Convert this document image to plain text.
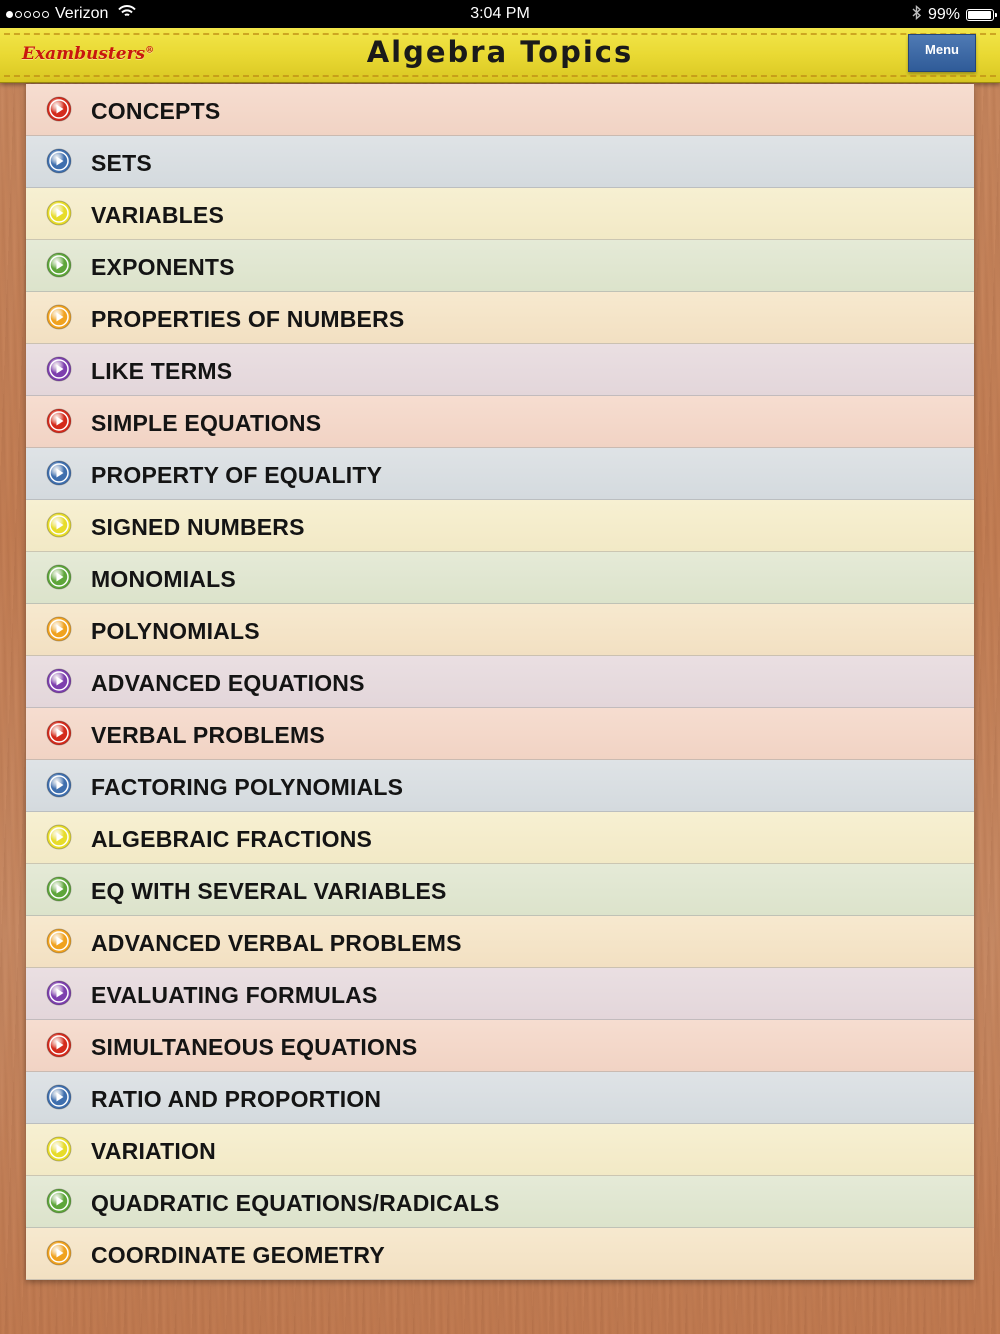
Verizon	3:04 PM	99%
Exambusters®	Algebra Topics	Menu
CONCEPTS
SETS
VARIABLES
EXPONENTS
PROPERTIES OF NUMBERS
LIKE TERMS
SIMPLE EQUATIONS
PROPERTY OF EQUALITY
SIGNED NUMBERS
MONOMIALS
POLYNOMIALS
ADVANCED EQUATIONS
VERBAL PROBLEMS
FACTORING POLYNOMIALS
ALGEBRAIC FRACTIONS
EQ WITH SEVERAL VARIABLES
ADVANCED VERBAL PROBLEMS
EVALUATING FORMULAS
SIMULTANEOUS EQUATIONS
RATIO AND PROPORTION
VARIATION
QUADRATIC EQUATIONS/RADICALS
COORDINATE GEOMETRY
